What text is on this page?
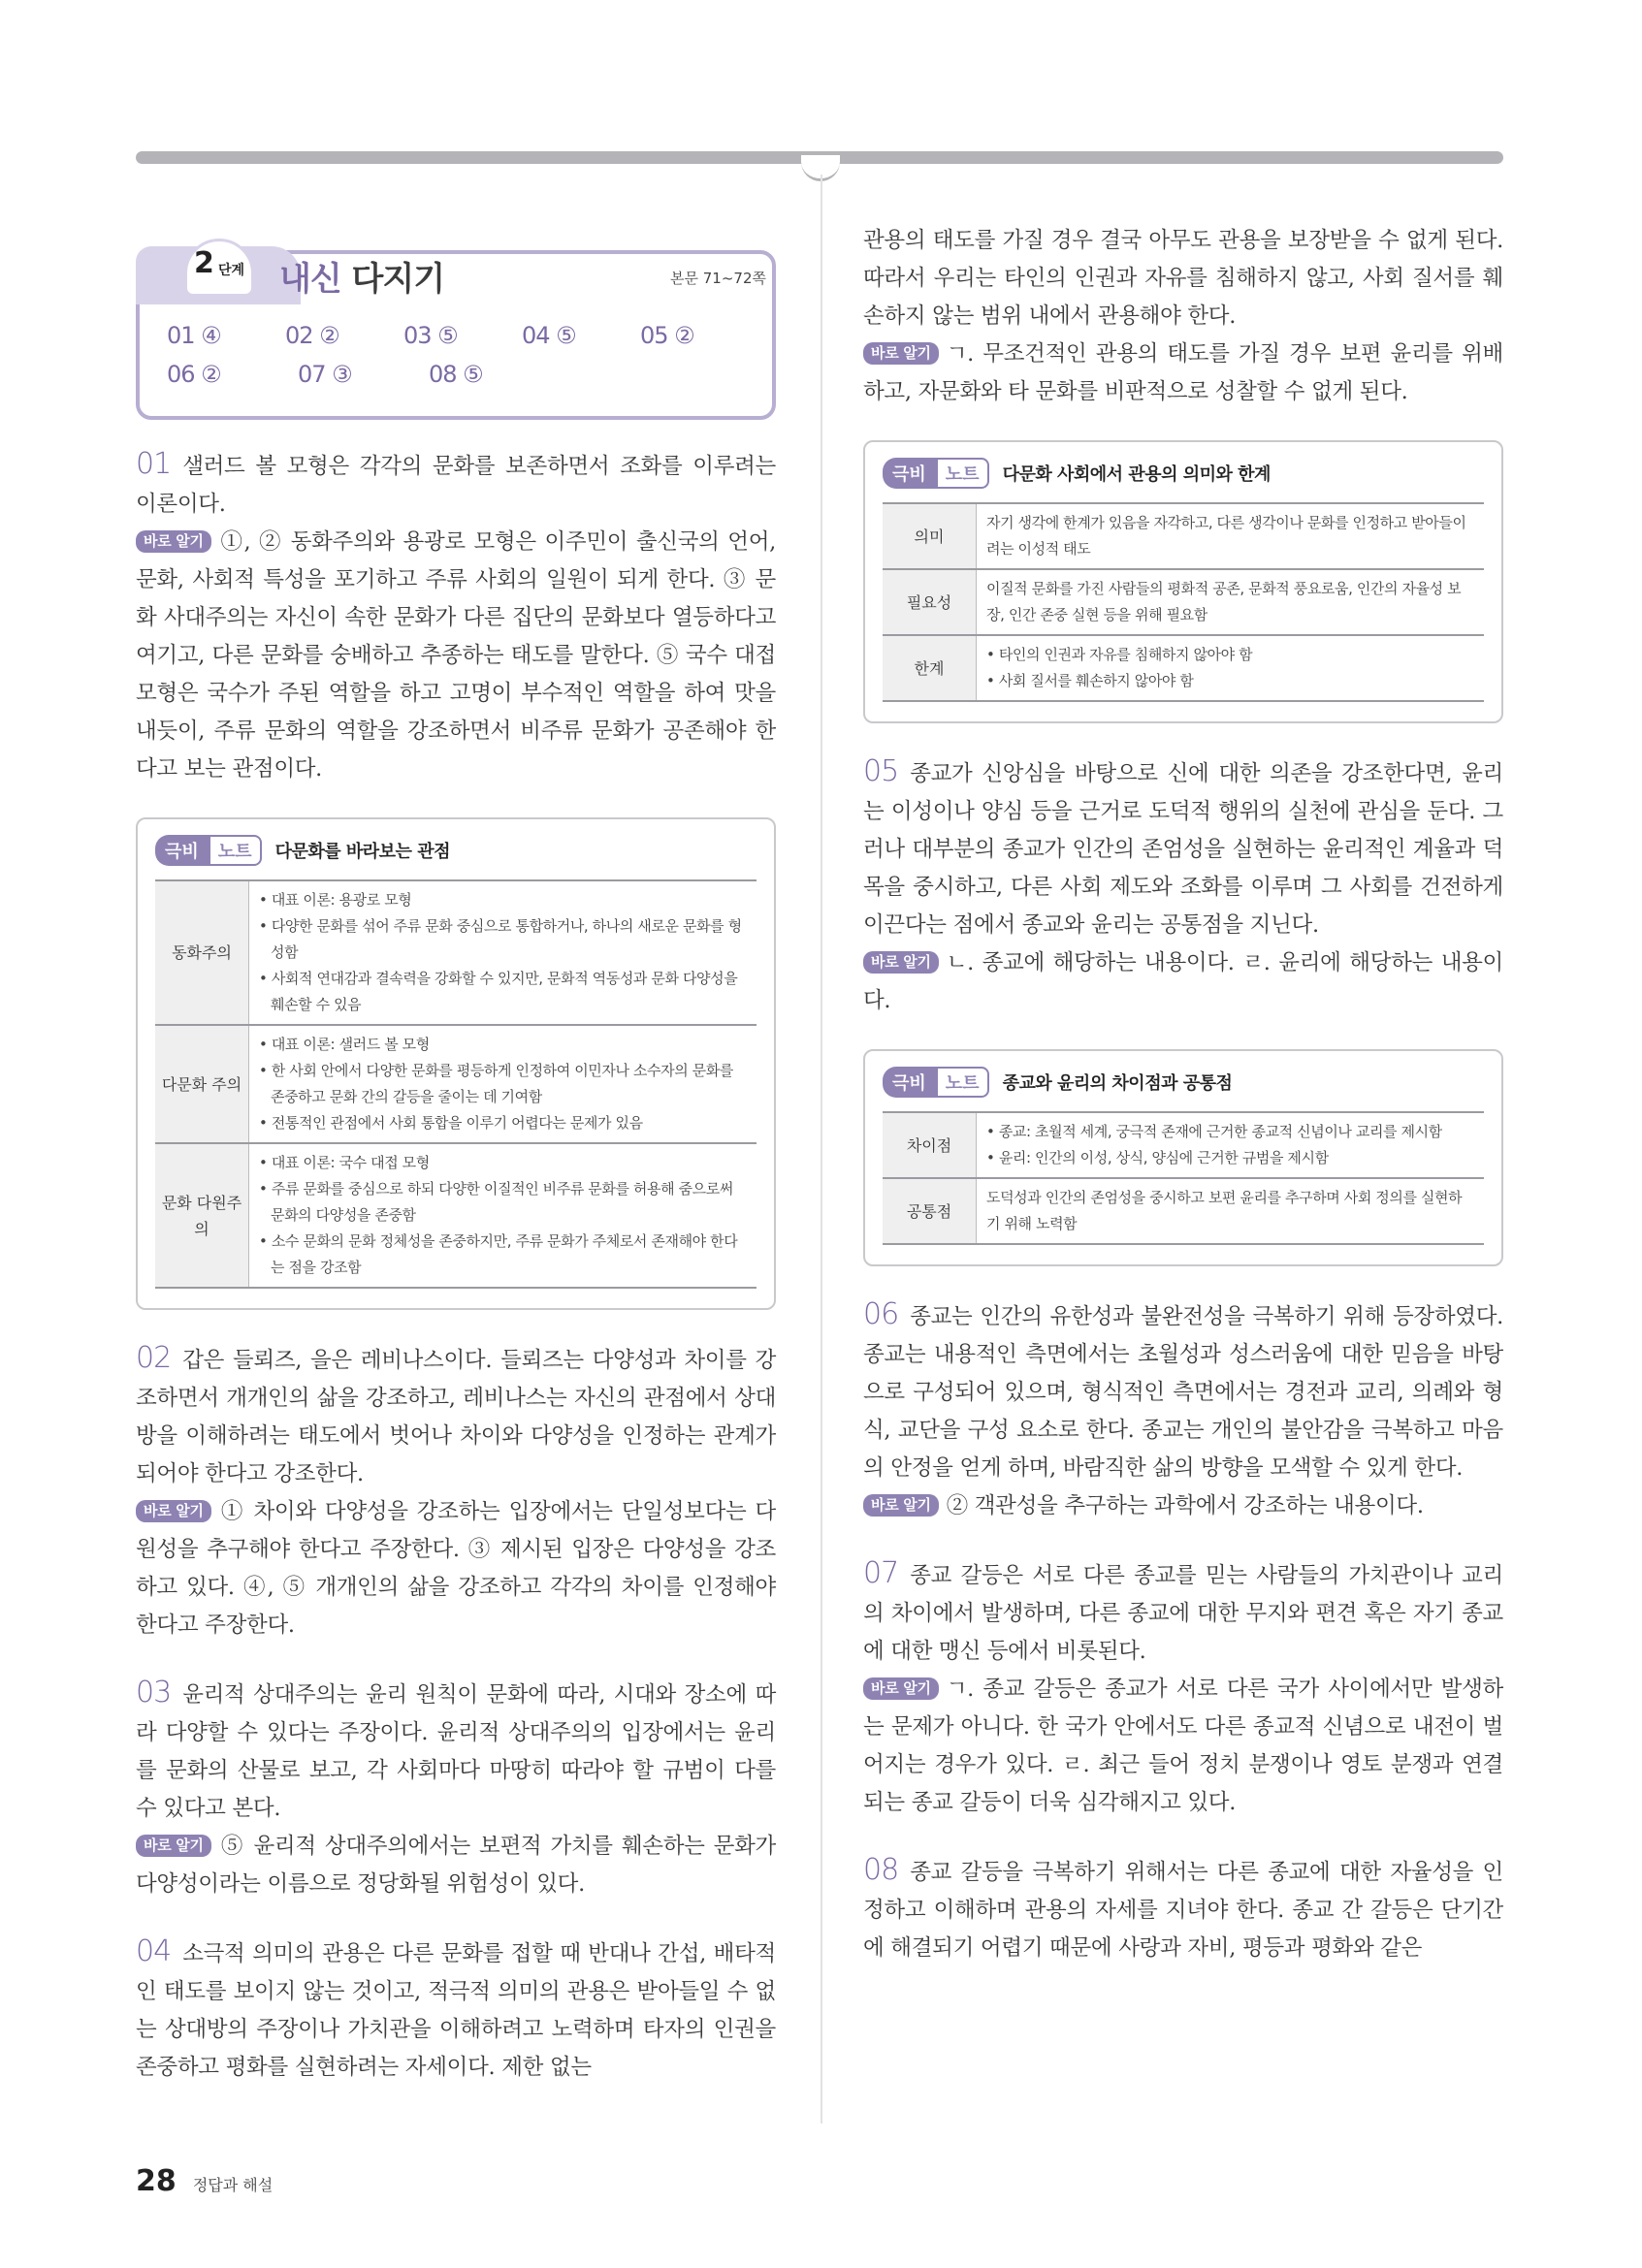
2 단계 내신 다지기	본문 71~72쪽
01 ④	02 ②	03 ⑤	04 ⑤	05 ②
06 ②	07 ③	08 ⑤

01 샐러드 볼 모형은 각각의 문화를 보존하면서 조화를 이루려는 이론이다.

바로 알기 ①, ② 동화주의와 용광로 모형은 이주민이 출신국의 언어, 문화, 사회적 특성을 포기하고 주류 사회의 일원이 되게 한다. ③ 문화 사대주의는 자신이 속한 문화가 다른 집단의 문화보다 열등하다고 여기고, 다른 문화를 숭배하고 추종하는 태도를 말한다. ⑤ 국수 대접 모형은 국수가 주된 역할을 하고 고명이 부수적인 역할을 하여 맛을 내듯이, 주류 문화의 역할을 강조하면서 비주류 문화가 공존해야 한다고 보는 관점이다.

극비	노트	다문화를 바라보는 관점
동화주의	• 대표 이론: 용광로 모형
• 다양한 문화를 섞어 주류 문화 중심으로 통합하거나, 하나의 새로운 문화를 형성함
• 사회적 연대감과 결속력을 강화할 수 있지만, 문화적 역동성과 문화 다양성을 훼손할 수 있음

다문화 주의	• 대표 이론: 샐러드 볼 모형
• 한 사회 안에서 다양한 문화를 평등하게 인정하여 이민자나 소수자의 문화를 존중하고 문화 간의 갈등을 줄이는 데 기여함
• 전통적인 관점에서 사회 통합을 이루기 어렵다는 문제가 있음

문화 다원주의	• 대표 이론: 국수 대접 모형
• 주류 문화를 중심으로 하되 다양한 이질적인 비주류 문화를 허용해 줌으로써 문화의 다양성을 존중함
• 소수 문화의 문화 정체성을 존중하지만, 주류 문화가 주체로서 존재해야 한다는 점을 강조함

02 갑은 들뢰즈, 을은 레비나스이다. 들뢰즈는 다양성과 차이를 강조하면서 개개인의 삶을 강조하고, 레비나스는 자신의 관점에서 상대방을 이해하려는 태도에서 벗어나 차이와 다양성을 인정하는 관계가 되어야 한다고 강조한다.

바로 알기 ① 차이와 다양성을 강조하는 입장에서는 단일성보다는 다원성을 추구해야 한다고 주장한다. ③ 제시된 입장은 다양성을 강조하고 있다. ④, ⑤ 개개인의 삶을 강조하고 각각의 차이를 인정해야 한다고 주장한다.

03 윤리적 상대주의는 윤리 원칙이 문화에 따라, 시대와 장소에 따라 다양할 수 있다는 주장이다. 윤리적 상대주의의 입장에서는 윤리를 문화의 산물로 보고, 각 사회마다 마땅히 따라야 할 규범이 다를 수 있다고 본다.

바로 알기 ⑤ 윤리적 상대주의에서는 보편적 가치를 훼손하는 문화가 다양성이라는 이름으로 정당화될 위험성이 있다.

04 소극적 의미의 관용은 다른 문화를 접할 때 반대나 간섭, 배타적인 태도를 보이지 않는 것이고, 적극적 의미의 관용은 받아들일 수 없는 상대방의 주장이나 가치관을 이해하려고 노력하며 타자의 인권을 존중하고 평화를 실현하려는 자세이다. 제한 없는

관용의 태도를 가질 경우 결국 아무도 관용을 보장받을 수 없게 된다. 따라서 우리는 타인의 인권과 자유를 침해하지 않고, 사회 질서를 훼손하지 않는 범위 내에서 관용해야 한다.

바로 알기 ㄱ. 무조건적인 관용의 태도를 가질 경우 보편 윤리를 위배하고, 자문화와 타 문화를 비판적으로 성찰할 수 없게 된다.

극비	노트	다문화 사회에서 관용의 의미와 한계
의미	자기 생각에 한계가 있음을 자각하고, 다른 생각이나 문화를 인정하고 받아들이려는 이성적 태도

필요성	이질적 문화를 가진 사람들의 평화적 공존, 문화적 풍요로움, 인간의 자율성 보장, 인간 존중 실현 등을 위해 필요함

한계	• 타인의 인권과 자유를 침해하지 않아야 함
• 사회 질서를 훼손하지 않아야 함

05 종교가 신앙심을 바탕으로 신에 대한 의존을 강조한다면, 윤리는 이성이나 양심 등을 근거로 도덕적 행위의 실천에 관심을 둔다. 그러나 대부분의 종교가 인간의 존엄성을 실현하는 윤리적인 계율과 덕목을 중시하고, 다른 사회 제도와 조화를 이루며 그 사회를 건전하게 이끈다는 점에서 종교와 윤리는 공통점을 지닌다.

바로 알기 ㄴ. 종교에 해당하는 내용이다. ㄹ. 윤리에 해당하는 내용이다.

극비	노트	종교와 윤리의 차이점과 공통점
차이점	• 종교: 초월적 세계, 궁극적 존재에 근거한 종교적 신념이나 교리를 제시함
• 윤리: 인간의 이성, 상식, 양심에 근거한 규범을 제시함

공통점	도덕성과 인간의 존엄성을 중시하고 보편 윤리를 추구하며 사회 정의를 실현하기 위해 노력함

06 종교는 인간의 유한성과 불완전성을 극복하기 위해 등장하였다. 종교는 내용적인 측면에서는 초월성과 성스러움에 대한 믿음을 바탕으로 구성되어 있으며, 형식적인 측면에서는 경전과 교리, 의례와 형식, 교단을 구성 요소로 한다. 종교는 개인의 불안감을 극복하고 마음의 안정을 얻게 하며, 바람직한 삶의 방향을 모색할 수 있게 한다.

바로 알기 ② 객관성을 추구하는 과학에서 강조하는 내용이다.

07 종교 갈등은 서로 다른 종교를 믿는 사람들의 가치관이나 교리의 차이에서 발생하며, 다른 종교에 대한 무지와 편견 혹은 자기 종교에 대한 맹신 등에서 비롯된다.

바로 알기 ㄱ. 종교 갈등은 종교가 서로 다른 국가 사이에서만 발생하는 문제가 아니다. 한 국가 안에서도 다른 종교적 신념으로 내전이 벌어지는 경우가 있다. ㄹ. 최근 들어 정치 분쟁이나 영토 분쟁과 연결되는 종교 갈등이 더욱 심각해지고 있다.

08 종교 갈등을 극복하기 위해서는 다른 종교에 대한 자율성을 인정하고 이해하며 관용의 자세를 지녀야 한다. 종교 간 갈등은 단기간에 해결되기 어렵기 때문에 사랑과 자비, 평등과 평화와 같은

28 정답과 해설
